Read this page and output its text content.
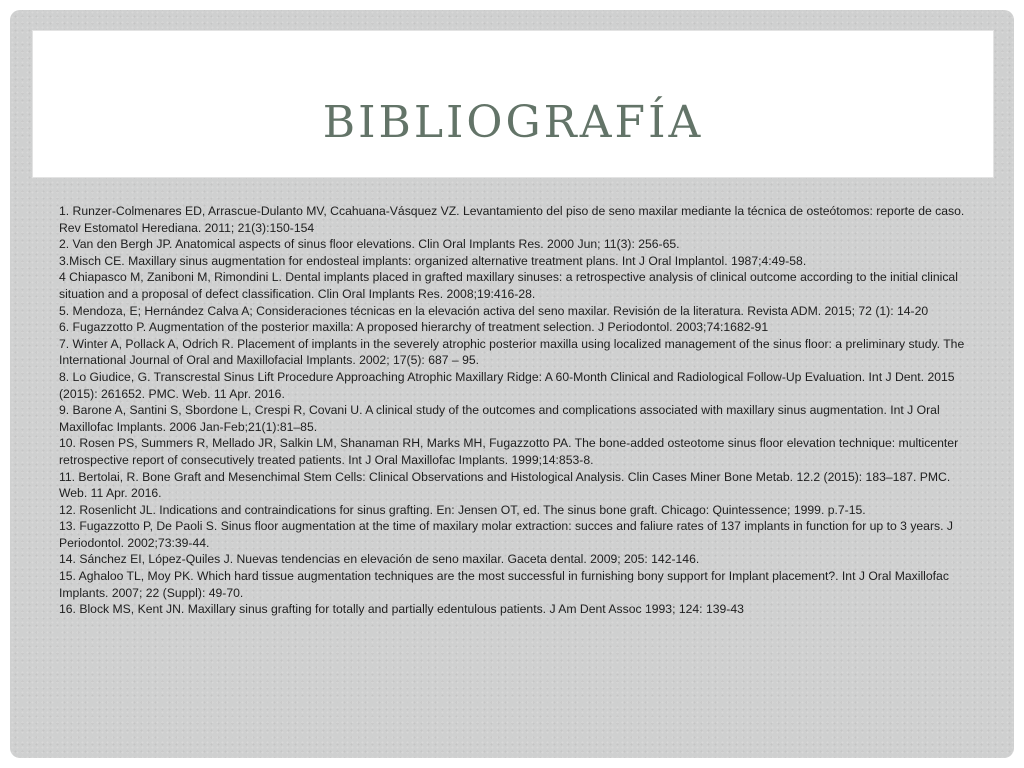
BIBLIOGRAFÍA
1. Runzer-Colmenares ED, Arrascue-Dulanto MV, Ccahuana-Vásquez VZ. Levantamiento del piso de seno maxilar mediante la técnica de osteótomos: reporte de caso. Rev Estomatol Herediana. 2011; 21(3):150-154
2. Van den Bergh JP. Anatomical aspects of sinus floor elevations. Clin Oral Implants Res. 2000 Jun; 11(3): 256-65.
3.Misch CE. Maxillary sinus augmentation for endosteal implants: organized alternative treatment plans. Int J Oral Implantol. 1987;4:49-58.
4 Chiapasco M, Zaniboni M, Rimondini L. Dental implants placed in grafted maxillary sinuses: a retrospective analysis of clinical outcome according to the initial clinical situation and a proposal of defect classification. Clin Oral Implants Res. 2008;19:416-28.
5. Mendoza, E; Hernández Calva A; Consideraciones técnicas en la elevación activa del seno maxilar. Revisión de la literatura. Revista ADM. 2015; 72 (1): 14-20
6. Fugazzotto P. Augmentation of the posterior maxilla: A proposed hierarchy of treatment selection. J Periodontol. 2003;74:1682-91
7. Winter A, Pollack A, Odrich R. Placement of implants in the severely atrophic posterior maxilla using localized management of the sinus floor: a preliminary study. The International Journal of Oral and Maxillofacial Implants. 2002; 17(5): 687 – 95.
8. Lo Giudice, G. Transcrestal Sinus Lift Procedure Approaching Atrophic Maxillary Ridge: A 60-Month Clinical and Radiological Follow-Up Evaluation. Int J Dent. 2015 (2015): 261652. PMC. Web. 11 Apr. 2016.
9. Barone A, Santini S, Sbordone L, Crespi R, Covani U. A clinical study of the outcomes and complications associated with maxillary sinus augmentation. Int J Oral Maxillofac Implants. 2006 Jan-Feb;21(1):81–85.
10. Rosen PS, Summers R, Mellado JR, Salkin LM, Shanaman RH, Marks MH, Fugazzotto PA. The bone-added osteotome sinus floor elevation technique: multicenter retrospective report of consecutively treated patients. Int J Oral Maxillofac Implants. 1999;14:853-8.
11. Bertolai, R. Bone Graft and Mesenchimal Stem Cells: Clinical Observations and Histological Analysis. Clin Cases Miner Bone Metab. 12.2 (2015): 183–187. PMC. Web. 11 Apr. 2016.
12. Rosenlicht JL. Indications and contraindications for sinus grafting. En: Jensen OT, ed. The sinus bone graft. Chicago: Quintessence; 1999. p.7-15.
13. Fugazzotto P, De Paoli S. Sinus floor augmentation at the time of maxilary molar extraction: succes and faliure rates of 137 implants in function for up to 3 years. J Periodontol. 2002;73:39-44.
14. Sánchez EI, López-Quiles J. Nuevas tendencias en elevación de seno maxilar. Gaceta dental. 2009; 205: 142-146.
15. Aghaloo TL, Moy PK. Which hard tissue augmentation techniques are the most successful in furnishing bony support for Implant placement?. Int J Oral Maxillofac Implants. 2007; 22 (Suppl): 49-70.
16. Block MS, Kent JN. Maxillary sinus grafting for totally and partially edentulous patients. J Am Dent Assoc 1993; 124: 139-43
